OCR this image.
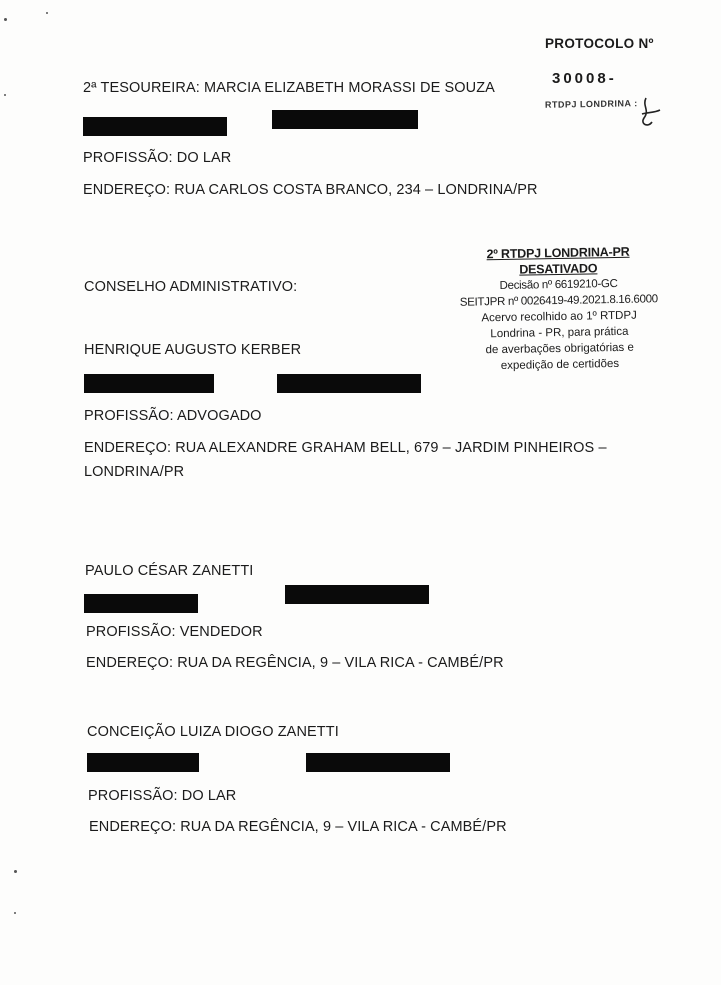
PROTOCOLO Nº
30008-
RTDPJ LONDRINA :
2ª TESOUREIRA: MARCIA ELIZABETH MORASSI DE SOUZA
PROFISSÃO: DO LAR
ENDEREÇO: RUA CARLOS COSTA BRANCO, 234 – LONDRINA/PR
2º RTDPJ LONDRINA-PR DESATIVADO
Decisão nº 6619210-GC
SEITJPR nº 0026419-49.2021.8.16.6000
Acervo recolhido ao 1º RTDPJ
Londrina - PR, para prática
de averbações obrigatórias e
expedição de certidões
CONSELHO ADMINISTRATIVO:
HENRIQUE AUGUSTO KERBER
PROFISSÃO: ADVOGADO
ENDEREÇO: RUA ALEXANDRE GRAHAM BELL, 679 – JARDIM PINHEIROS –
LONDRINA/PR
PAULO CÉSAR ZANETTI
PROFISSÃO: VENDEDOR
ENDEREÇO: RUA DA REGÊNCIA, 9 – VILA RICA - CAMBÉ/PR
CONCEIÇÃO LUIZA DIOGO ZANETTI
PROFISSÃO: DO LAR
ENDEREÇO: RUA DA REGÊNCIA, 9 – VILA RICA - CAMBÉ/PR
